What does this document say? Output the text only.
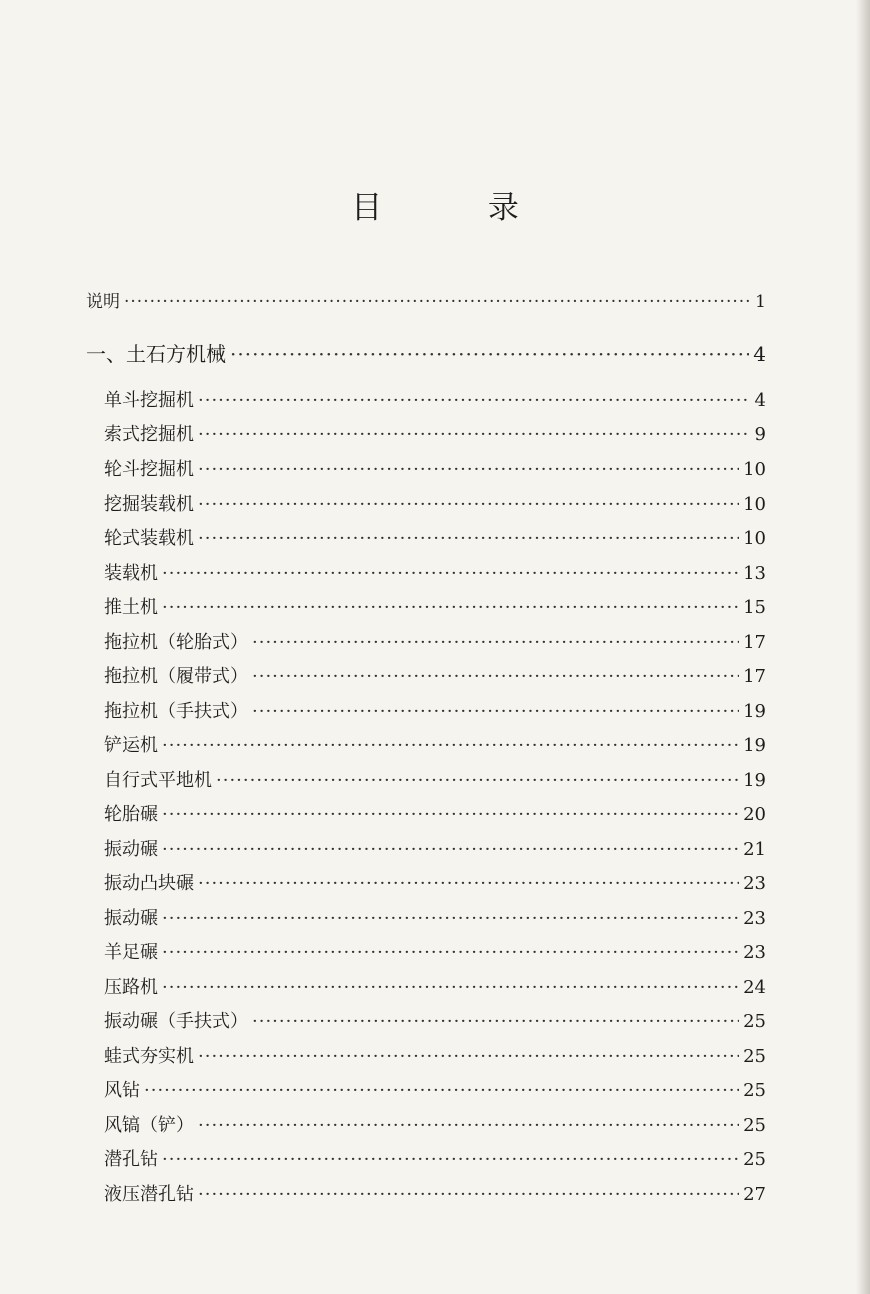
目 录
说明 ·····	1
一、土石方机械 ·····	4
单斗挖掘机 ·····	4
索式挖掘机 ·····	9
轮斗挖掘机 ·····	10
挖掘装载机 ·····	10
轮式装载机 ·····	10
装载机 ·····	13
推土机 ·····	15
拖拉机（轮胎式） ·····	17
拖拉机（履带式） ·····	17
拖拉机（手扶式） ·····	19
铲运机 ·····	19
自行式平地机 ·····	19
轮胎碾 ·····	20
振动碾 ·····	21
振动凸块碾 ·····	23
振动碾 ·····	23
羊足碾 ·····	23
压路机 ·····	24
振动碾（手扶式） ·····	25
蛙式夯实机 ·····	25
风钻 ·····	25
风镐（铲） ·····	25
潜孔钻 ·····	25
液压潜孔钻 ·····	27
